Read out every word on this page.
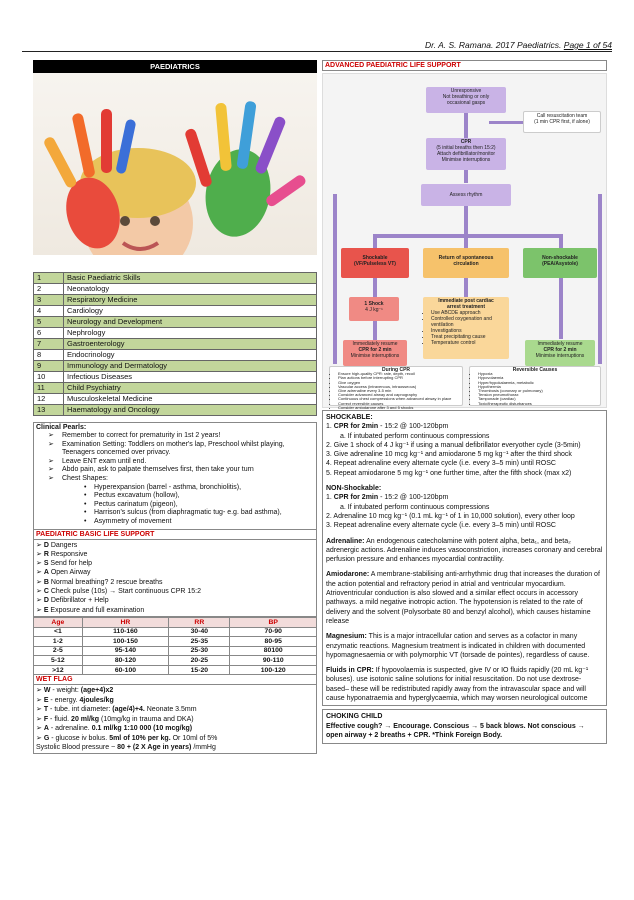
Dr. A. S. Ramana. 2017 Paediatrics. Page 1 of 54
PAEDIATRICS
1	Basic Paediatric Skills
2	Neonatology
3	Respiratory Medicine
4	Cardiology
5	Neurology and Development
6	Nephrology
7	Gastroenterology
8	Endocrinology
9	Immunology and Dermatology
10	Infectious Diseases
11	Child Psychiatry
12	Musculoskeletal Medicine
13	Haematology and Oncology
Clinical Pearls:
➢ Remember to correct for prematurity in 1st 2 years!
➢ Examination Setting: Toddlers on mother's lap, Preschool whilst playing, Teenagers concerned over privacy.
➢ Leave ENT exam until end.
➢ Abdo pain, ask to palpate themselves first, then take your turn
➢ Chest Shapes:
• Hyperexpansion (barrel - asthma, bronchiolitis),
• Pectus excavatum (hollow),
• Pectus carinatum (pigeon),
• Harrison's sulcus (from diaphragmatic tug- e.g. bad asthma),
• Asymmetry of movement
PAEDIATRIC BASIC LIFE SUPPORT
➢ D Dangers
➢ R Responsive
➢ S Send for help
➢ A Open Airway
➢ B Normal breathing? 2 rescue breaths
➢ C Check pulse (10s) → Start continuous CPR 15:2
➢ D Defibrillator + Help
➢ E Exposure and full examination
Age	HR	RR	BP
<1	110-160	30-40	70-90
1-2	100-150	25-35	80-95
2-5	95-140	25-30	80100
5-12	80-120	20-25	90-110
>12	60-100	15-20	100-120
WET FLAG
➢ W - weight: (age+4)x2
➢ E - energy. 4joules/kg
➢ T - tube. int diameter: (age/4)+4. Neonate 3.5mm
➢ F - fluid. 20 ml/kg (10mg/kg in trauma and DKA)
➢ A - adrenaline. 0.1 ml/kg 1:10 000 (10 mcg/kg)
➢ G - glucose iv bolus. 5ml of 10% per kg. Or 10ml of 5%
Systolic Blood pressure ~ 80 + (2 X Age in years) /mmHg
ADVANCED PAEDIATRIC LIFE SUPPORT
Unresponsive
Not breathing or only
occasional gasps
Call resuscitation team
(1 min CPR first, if alone)
CPR
(5 initial breaths then 15:2)
Attach defibrillator/monitor
Minimise interruptions
Assess rhythm
Shockable
(VF/Pulseless VT)
Return of spontaneous
circulation
Non-shockable
(PEA/Asystole)
1 Shock
4 J kg⁻¹
Immediate post cardiac
arrest treatment
• Use ABCDE approach
• Controlled oxygenation and ventilation
• Investigations
• Treat precipitating cause
• Temperature control
Immediately resume
CPR for 2 min
Minimise interruptions
Immediately resume
CPR for 2 min
Minimise interruptions
During CPR
• Ensure high-quality CPR: rate, depth, recoil
• Plan actions before interrupting CPR
• Give oxygen
• Vascular access (intravenous, intraosseous)
• Give adrenaline every 3-5 min
• Consider advanced airway and capnography
• Continuous chest compressions when advanced airway in place
• Correct reversible causes
• Consider amiodarone after 3 and 5 shocks
Reversible Causes
• Hypoxia
• Hypovolaemia
• Hyper/hypokalaemia, metabolic
• Hypothermia
• Thrombosis (coronary or pulmonary)
• Tension pneumothorax
• Tamponade (cardiac)
• Toxic/therapeutic disturbances

SHOCKABLE:

1. CPR for 2min - 15:2 @ 100-120bpm

a. If intubated perform continuous compressions

2. Give 1 shock of 4 J kg⁻¹ if using a manual defibrillator everyother cycle (3-5min)

3. Give adrenaline 10 mcg kg⁻¹ and amiodarone 5 mg kg⁻¹ after the third shock

4. Repeat adrenaline every alternate cycle (i.e. every 3–5 min) until ROSC

5. Repeat amiodarone 5 mg kg⁻¹ one further time, after the fifth shock (max x2)

NON-Shockable:

1. CPR for 2min - 15:2 @ 100-120bpm

a. If intubated perform continuous compressions

2. Adrenaline 10 mcg kg⁻¹ (0.1 mL kg⁻¹ of 1 in 10,000 solution), every other loop

3. Repeat adrenaline every alternate cycle (i.e. every 3–5 min) until ROSC

Adrenaline: An endogenous catecholamine with potent alpha, beta₁, and beta₂ adrenergic actions. Adrenaline induces vasoconstriction, increases coronary and cerebral perfusion pressure and enhances myocardial contractility.

Amiodarone: A membrane-stabilising anti-arrhythmic drug that increases the duration of the action potential and refractory period in atrial and ventricular myocardium. Atrioventricular conduction is also slowed and a similar effect occurs in accessory pathways. a mild negative inotropic action. The hypotension is related to the rate of delivery and the solvent (Polysorbate 80 and benzyl alcohol), which causes histamine release

Magnesium: This is a major intracellular cation and serves as a cofactor in many enzymatic reactions. Magnesium treatment is indicated in children with documented hypomagnesaemia or with polymorphic VT (torsade de pointes), regardless of cause.

Fluids in CPR: If hypovolaemia is suspected, give IV or IO fluids rapidly (20 mL kg⁻¹ boluses). use isotonic saline solutions for initial resuscitation. Do not use dextrose-based– these will be redistributed rapidly away from the intravascular space and will cause hyponatraemia and hyperglycaemia, which may worsen neurological outcome

CHOKING CHILD
Effective cough? → Encourage. Conscious → 5 back blows. Not conscious → open airway + 2 breaths + CPR. *Think Foreign Body.
